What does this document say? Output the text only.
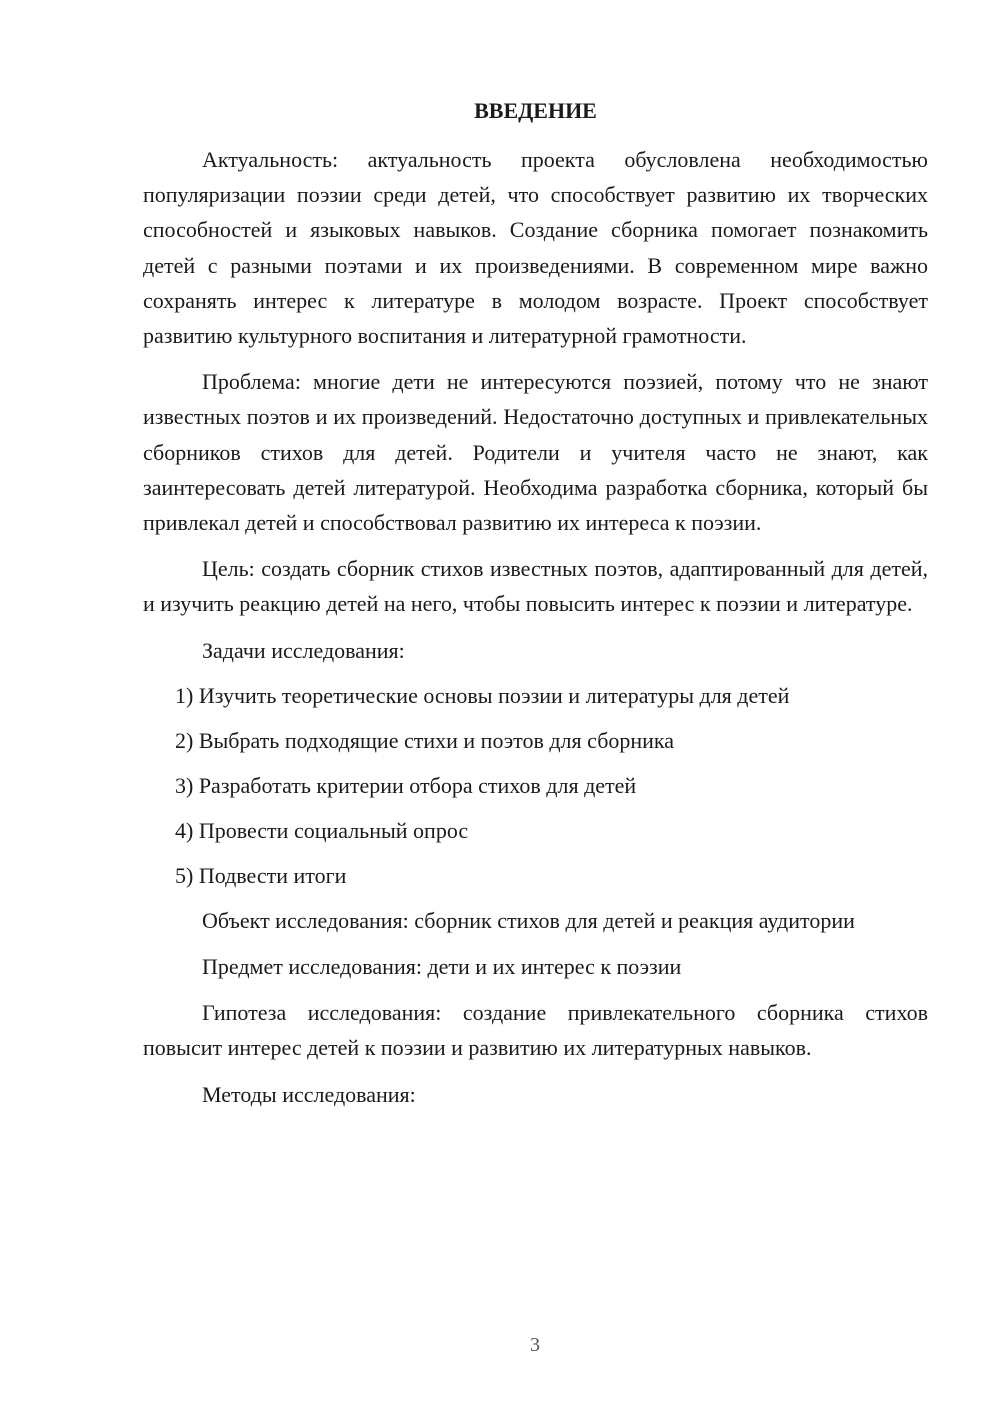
ВВЕДЕНИЕ

Актуальность: актуальность проекта обусловлена необходимостью популяризации поэзии среди детей, что способствует развитию их творческих способностей и языковых навыков. Создание сборника помогает познакомить детей с разными поэтами и их произведениями. В современном мире важно сохранять интерес к литературе в молодом возрасте. Проект способствует развитию культурного воспитания и литературной грамотности.

Проблема: многие дети не интересуются поэзией, потому что не знают известных поэтов и их произведений. Недостаточно доступных и привлекательных сборников стихов для детей. Родители и учителя часто не знают, как заинтересовать детей литературой. Необходима разработка сборника, который бы привлекал детей и способствовал развитию их интереса к поэзии.

Цель: создать сборник стихов известных поэтов, адаптированный для детей, и изучить реакцию детей на него, чтобы повысить интерес к поэзии и литературе.

Задачи исследования:

1) Изучить теоретические основы поэзии и литературы для детей
2) Выбрать подходящие стихи и поэтов для сборника
3) Разработать критерии отбора стихов для детей
4) Провести социальный опрос
5) Подвести итоги

Объект исследования: сборник стихов для детей и реакция аудитории

Предмет исследования: дети и их интерес к поэзии

Гипотеза исследования: создание привлекательного сборника стихов повысит интерес детей к поэзии и развитию их литературных навыков.

Методы исследования:

3
